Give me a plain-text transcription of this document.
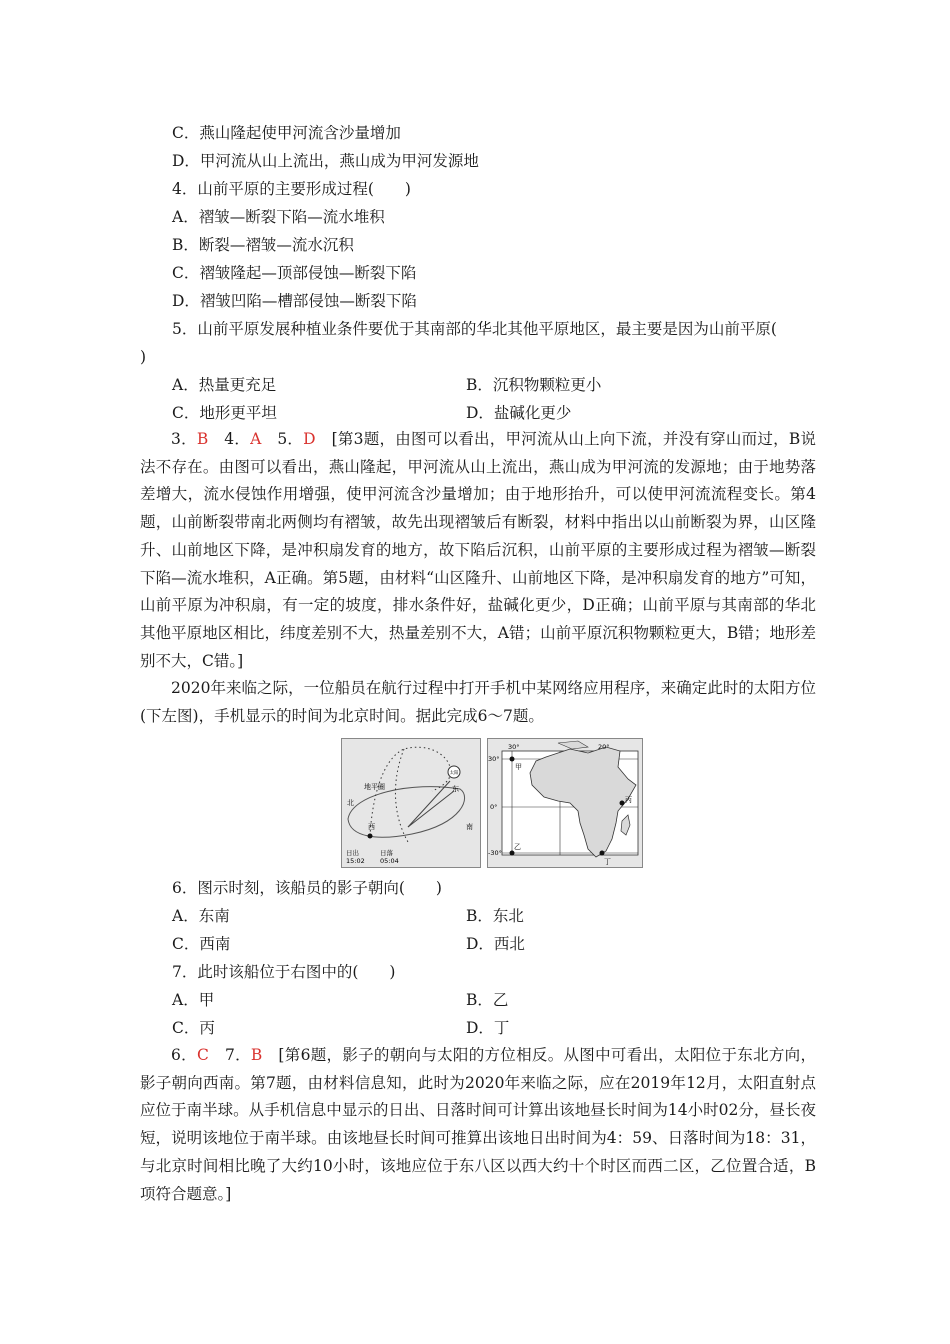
C．燕山隆起使甲河流含沙量增加
D．甲河流从山上流出，燕山成为甲河发源地
4．山前平原的主要形成过程(　　)
A．褶皱—断裂下陷—流水堆积
B．断裂—褶皱—流水沉积
C．褶皱隆起—顶部侵蚀—断裂下陷
D．褶皱凹陷—槽部侵蚀—断裂下陷
5．山前平原发展种植业条件要优于其南部的华北其他平原地区，最主要是因为山前平原(
)
A．热量更充足	B．沉积物颗粒更小
C．地形更平坦	D．盐碱化更少
3．B　 4．A　 5．D　 [第3题，由图可以看出，甲河流从山上向下流，并没有穿山而过，B说法不存在。由图可以看出，燕山隆起，甲河流从山上流出，燕山成为甲河流的发源地；由于地势落差增大，流水侵蚀作用增强，使甲河流含沙量增加；由于地形抬升，可以使甲河流流程变长。第4题，山前断裂带南北两侧均有褶皱，故先出现褶皱后有断裂，材料中指出以山前断裂为界，山区隆升、山前地区下降，是冲积扇发育的地方，故下陷后沉积，山前平原的主要形成过程为褶皱—断裂下陷—流水堆积，A正确。第5题，由材料“山区隆升、山前地区下降，是冲积扇发育的地方”可知，山前平原为冲积扇，有一定的坡度，排水条件好，盐碱化更少，D正确；山前平原与其南部的华北其他平原地区相比，纬度差别不大，热量差别不大，A错；山前平原沉积物颗粒更大，B错；地形差别不大，C错。]
2020年来临之际，一位船员在航行过程中打开手机中某网络应用程序，来确定此时的太阳方位(下左图)，手机显示的时间为北京时间。据此完成6～7题。
太阳
地平圈	东
北
西	南
日出
15:02
日落
05:04
30°	20°
30°
0°
-30°
甲
乙
丙
丁
6．图示时刻，该船员的影子朝向(　　)
A．东南	B．东北
C．西南	D．西北
7．此时该船位于右图中的(　　)
A．甲	B．乙
C．丙	D．丁
6．C　 7．B　 [第6题，影子的朝向与太阳的方位相反。从图中可看出，太阳位于东北方向，影子朝向西南。第7题，由材料信息知，此时为2020年来临之际，应在2019年12月，太阳直射点应位于南半球。从手机信息中显示的日出、日落时间可计算出该地昼长时间为14小时02分，昼长夜短，说明该地位于南半球。由该地昼长时间可推算出该地日出时间为4：59、日落时间为18：31，与北京时间相比晚了大约10小时，该地应位于东八区以西大约十个时区而西二区，乙位置合适，B项符合题意。]
